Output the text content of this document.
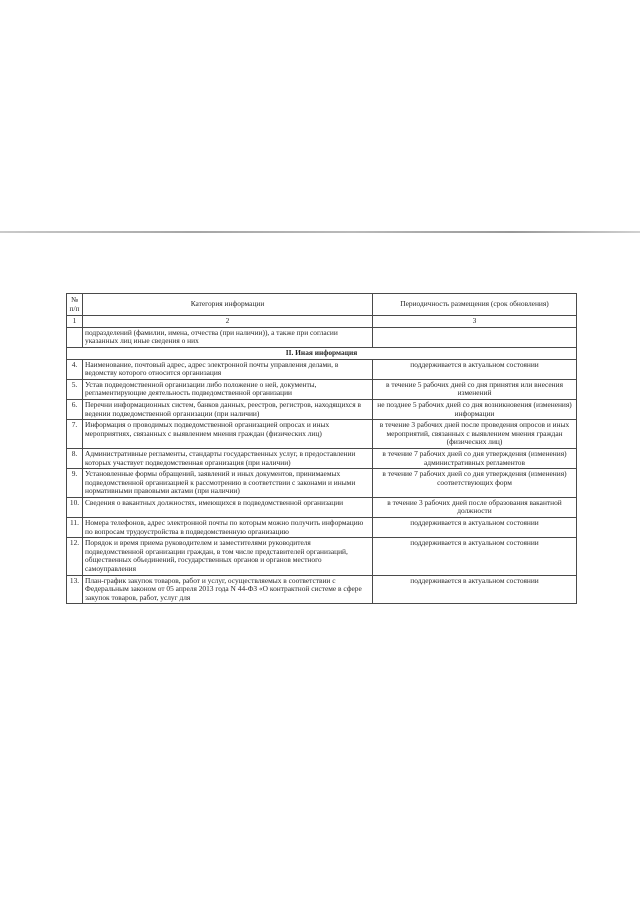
№ п/п	Категория информации	Периодичность размещения (срок обновления)
1	2	3
	подразделений (фамилии, имена, отчества (при наличии)), а также при согласии указанных лиц иные сведения о них	
II. Иная информация		
4.	Наименование, почтовый адрес, адрес электронной почты управления делами, в ведомству которого относится организация	поддерживается в актуальном состоянии
5.	Устав подведомственной организации либо положение о ней, документы, регламентирующие деятельность подведомственной организации	в течение 5 рабочих дней со дня принятия или внесения изменений
6.	Перечни информационных систем, банков данных, реестров, регистров, находящихся в ведении подведомственной организации (при наличии)	не позднее 5 рабочих дней со дня возникновения (изменения) информации
7.	Информация о проводимых подведомственной организацией опросах и иных мероприятиях, связанных с выявлением мнения граждан (физических лиц)	в течение 3 рабочих дней после проведения опросов и иных мероприятий, связанных с выявлением мнения граждан (физических лиц)
8.	Административные регламенты, стандарты государственных услуг, в предоставлении которых участвует подведомственная организация (при наличии)	в течение 7 рабочих дней со дня утверждения (изменения) административных регламентов
9.	Установленные формы обращений, заявлений и иных документов, принимаемых подведомственной организацией к рассмотрению в соответствии с законами и иными нормативными правовыми актами (при наличии)	в течение 7 рабочих дней со дня утверждения (изменения) соответствующих форм
10.	Сведения о вакантных должностях, имеющихся в подведомственной организации	в течение 3 рабочих дней после образования вакантной должности
11.	Номера телефонов, адрес электронной почты по которым можно получить информацию по вопросам трудоустройства в подведомственную организацию	поддерживается в актуальном состоянии
12.	Порядок и время приема руководителем и заместителями руководителя подведомственной организации граждан, в том числе представителей организаций, общественных объединений, государственных органов и органов местного самоуправления	поддерживается в актуальном состоянии
13.	План-график закупок товаров, работ и услуг, осуществляемых в соответствии с Федеральным законом от 05 апреля 2013 года N 44-ФЗ «О контрактной системе в сфере закупок товаров, работ, услуг для	поддерживается в актуальном состоянии
